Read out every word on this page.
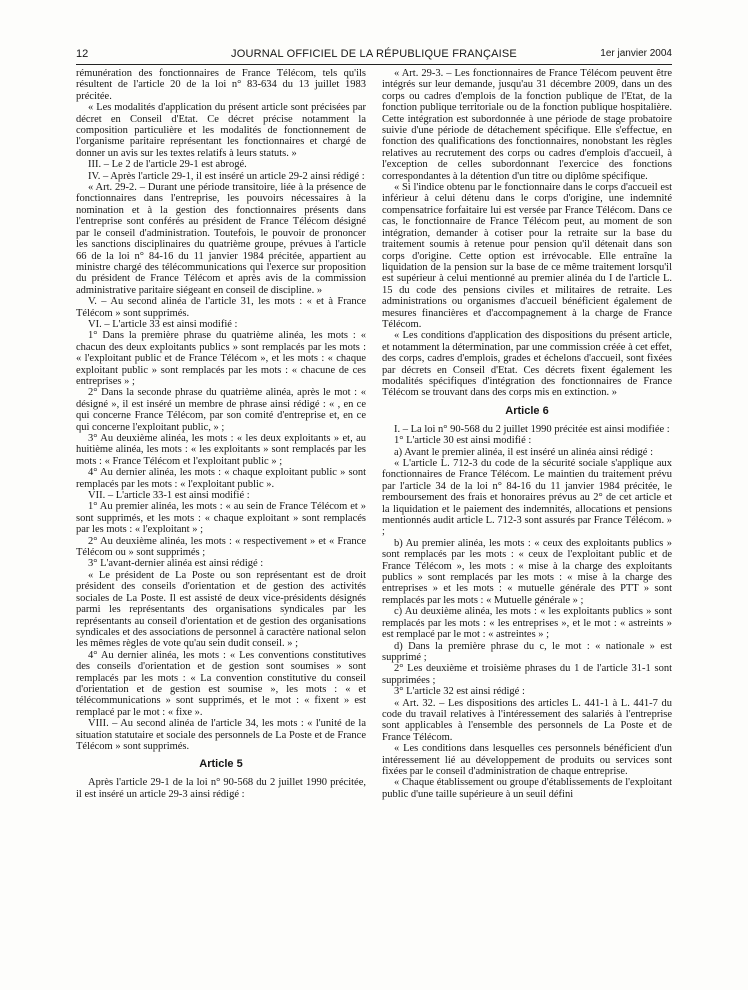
12	JOURNAL OFFICIEL DE LA RÉPUBLIQUE FRANÇAISE	1er janvier 2004

rémunération des fonctionnaires de France Télécom, tels qu'ils résultent de l'article 20 de la loi n° 83-634 du 13 juillet 1983 précitée.

« Les modalités d'application du présent article sont précisées par décret en Conseil d'Etat. Ce décret précise notamment la composition particulière et les modalités de fonctionnement de l'organisme paritaire représentant les fonctionnaires et chargé de donner un avis sur les textes relatifs à leurs statuts. »

III. – Le 2 de l'article 29-1 est abrogé.

IV. – Après l'article 29-1, il est inséré un article 29-2 ainsi rédigé :

« Art. 29-2. – Durant une période transitoire, liée à la présence de fonctionnaires dans l'entreprise, les pouvoirs nécessaires à la nomination et à la gestion des fonctionnaires présents dans l'entreprise sont conférés au président de France Télécom désigné par le conseil d'administration. Toutefois, le pouvoir de prononcer les sanctions disciplinaires du quatrième groupe, prévues à l'article 66 de la loi n° 84-16 du 11 janvier 1984 précitée, appartient au ministre chargé des télécommunications qui l'exerce sur proposition du président de France Télécom et après avis de la commission administrative paritaire siégeant en conseil de discipline. »

V. – Au second alinéa de l'article 31, les mots : « et à France Télécom » sont supprimés.

VI. – L'article 33 est ainsi modifié :

1° Dans la première phrase du quatrième alinéa, les mots : « chacun des deux exploitants publics » sont remplacés par les mots : « l'exploitant public et de France Télécom », et les mots : « chaque exploitant public » sont remplacés par les mots : « chacune de ces entreprises » ;

2° Dans la seconde phrase du quatrième alinéa, après le mot : « désigné », il est inséré un membre de phrase ainsi rédigé : « , en ce qui concerne France Télécom, par son comité d'entreprise et, en ce qui concerne l'exploitant public, » ;

3° Au deuxième alinéa, les mots : « les deux exploitants » et, au huitième alinéa, les mots : « les exploitants » sont remplacés par les mots : « France Télécom et l'exploitant public » ;

4° Au dernier alinéa, les mots : « chaque exploitant public » sont remplacés par les mots : « l'exploitant public ».

VII. – L'article 33-1 est ainsi modifié :

1° Au premier alinéa, les mots : « au sein de France Télécom et » sont supprimés, et les mots : « chaque exploitant » sont remplacés par les mots : « l'exploitant » ;

2° Au deuxième alinéa, les mots : « respectivement » et « France Télécom ou » sont supprimés ;

3° L'avant-dernier alinéa est ainsi rédigé :

« Le président de La Poste ou son représentant est de droit président des conseils d'orientation et de gestion des activités sociales de La Poste. Il est assisté de deux vice-présidents désignés parmi les représentants des organisations syndicales par les représentants au conseil d'orientation et de gestion des organisations syndicales et des associations de personnel à caractère national selon les mêmes règles de vote qu'au sein dudit conseil. » ;

4° Au dernier alinéa, les mots : « Les conventions constitutives des conseils d'orientation et de gestion sont soumises » sont remplacés par les mots : « La convention constitutive du conseil d'orientation et de gestion est soumise », les mots : « et télécommunications » sont supprimés, et le mot : « fixent » est remplacé par le mot : « fixe ».

VIII. – Au second alinéa de l'article 34, les mots : « l'unité de la situation statutaire et sociale des personnels de La Poste et de France Télécom » sont supprimés.

Article 5

Après l'article 29-1 de la loi n° 90-568 du 2 juillet 1990 précitée, il est inséré un article 29-3 ainsi rédigé :

« Art. 29-3. – Les fonctionnaires de France Télécom peuvent être intégrés sur leur demande, jusqu'au 31 décembre 2009, dans un des corps ou cadres d'emplois de la fonction publique de l'Etat, de la fonction publique territoriale ou de la fonction publique hospitalière. Cette intégration est subordonnée à une période de stage probatoire suivie d'une période de détachement spécifique. Elle s'effectue, en fonction des qualifications des fonctionnaires, nonobstant les règles relatives au recrutement des corps ou cadres d'emplois d'accueil, à l'exception de celles subordonnant l'exercice des fonctions correspondantes à la détention d'un titre ou diplôme spécifique.

« Si l'indice obtenu par le fonctionnaire dans le corps d'accueil est inférieur à celui détenu dans le corps d'origine, une indemnité compensatrice forfaitaire lui est versée par France Télécom. Dans ce cas, le fonctionnaire de France Télécom peut, au moment de son intégration, demander à cotiser pour la retraite sur la base du traitement soumis à retenue pour pension qu'il détenait dans son corps d'origine. Cette option est irrévocable. Elle entraîne la liquidation de la pension sur la base de ce même traitement lorsqu'il est supérieur à celui mentionné au premier alinéa du I de l'article L. 15 du code des pensions civiles et militaires de retraite. Les administrations ou organismes d'accueil bénéficient également de mesures financières et d'accompagnement à la charge de France Télécom.

« Les conditions d'application des dispositions du présent article, et notamment la détermination, par une commission créée à cet effet, des corps, cadres d'emplois, grades et échelons d'accueil, sont fixées par décrets en Conseil d'Etat. Ces décrets fixent également les modalités spécifiques d'intégration des fonctionnaires de France Télécom se trouvant dans des corps mis en extinction. »

Article 6

I. – La loi n° 90-568 du 2 juillet 1990 précitée est ainsi modifiée :

1° L'article 30 est ainsi modifié :

a) Avant le premier alinéa, il est inséré un alinéa ainsi rédigé :

« L'article L. 712-3 du code de la sécurité sociale s'applique aux fonctionnaires de France Télécom. Le maintien du traitement prévu par l'article 34 de la loi n° 84-16 du 11 janvier 1984 précitée, le remboursement des frais et honoraires prévus au 2° de cet article et la liquidation et le paiement des indemnités, allocations et pensions mentionnés audit article L. 712-3 sont assurés par France Télécom. » ;

b) Au premier alinéa, les mots : « ceux des exploitants publics » sont remplacés par les mots : « ceux de l'exploitant public et de France Télécom », les mots : « mise à la charge des exploitants publics » sont remplacés par les mots : « mise à la charge des entreprises » et les mots : « mutuelle générale des PTT » sont remplacés par les mots : « Mutuelle générale » ;

c) Au deuxième alinéa, les mots : « les exploitants publics » sont remplacés par les mots : « les entreprises », et le mot : « astreints » est remplacé par le mot : « astreintes » ;

d) Dans la première phrase du c, le mot : « nationale » est supprimé ;

2° Les deuxième et troisième phrases du 1 de l'article 31-1 sont supprimées ;

3° L'article 32 est ainsi rédigé :

« Art. 32. – Les dispositions des articles L. 441-1 à L. 441-7 du code du travail relatives à l'intéressement des salariés à l'entreprise sont applicables à l'ensemble des personnels de La Poste et de France Télécom.

« Les conditions dans lesquelles ces personnels bénéficient d'un intéressement lié au développement de produits ou services sont fixées par le conseil d'administration de chaque entreprise.

« Chaque établissement ou groupe d'établissements de l'exploitant public d'une taille supérieure à un seuil défini
